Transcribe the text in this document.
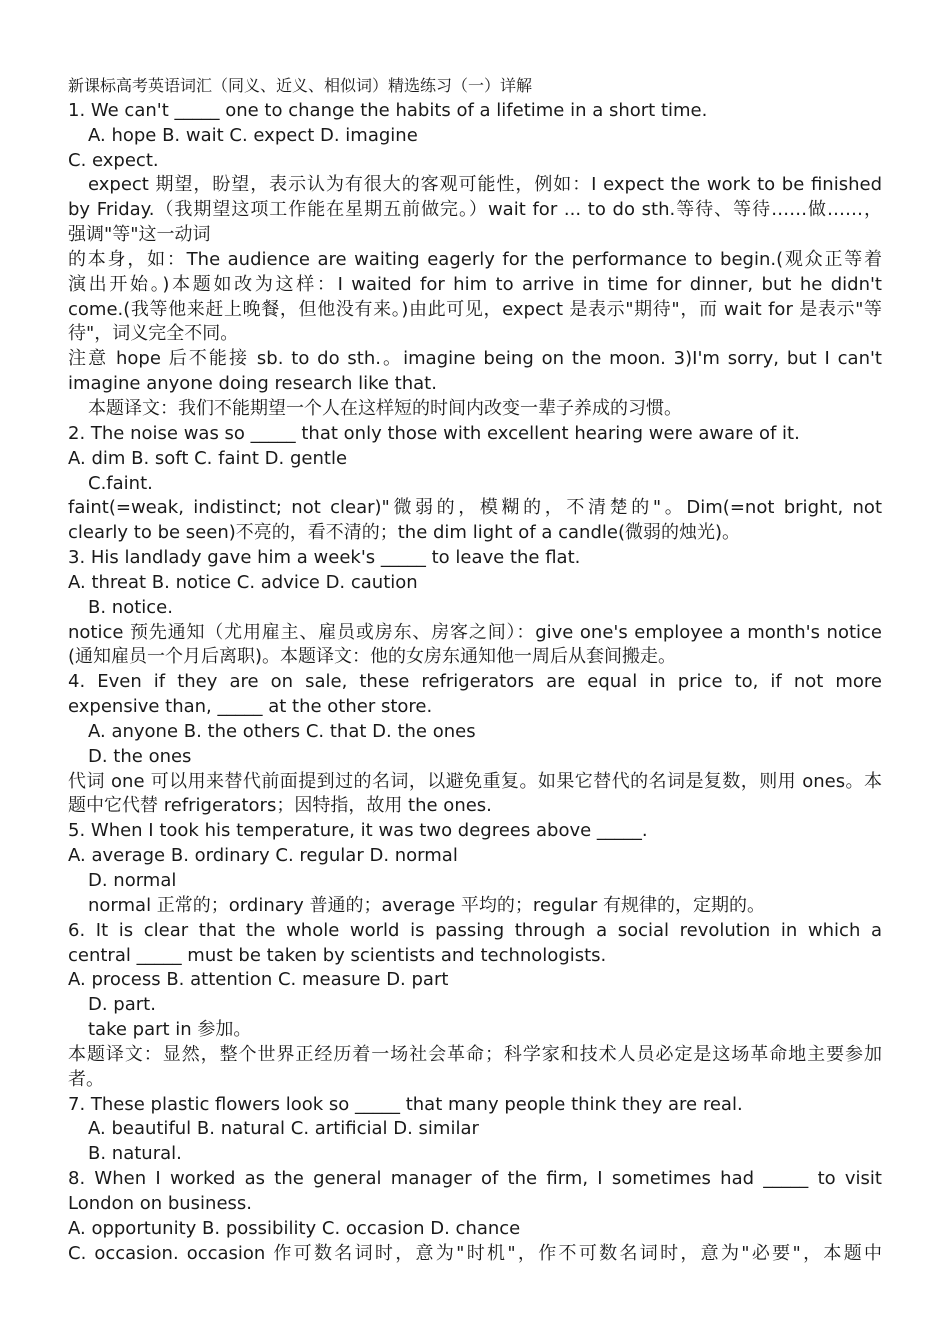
新课标高考英语词汇（同义、近义、相似词）精选练习（一）详解
1. We can't _____ one to change the habits of a lifetime in a short time.
A. hope B. wait C. expect D. imagine
C. expect.
expect 期望，盼望，表示认为有很大的客观可能性，例如：I expect the work to be finished
by Friday.（我期望这项工作能在星期五前做完。）wait for ... to do sth.等待、等待……做……，
强调"等"这一动词
的本身，如：The audience are waiting eagerly for the performance to begin.(观众正等着
演出开始。)本题如改为这样：I waited for him to arrive in time for dinner, but he didn't
come.(我等他来赶上晚餐，但他没有来。)由此可见，expect 是表示"期待"，而 wait for 是表示"等
待"，词义完全不同。
注意 hope 后不能接 sb. to do sth.。imagine being on the moon. 3)I'm sorry, but I can't
imagine anyone doing research like that.
本题译文：我们不能期望一个人在这样短的时间内改变一辈子养成的习惯。
2. The noise was so _____ that only those with excellent hearing were aware of it.
A. dim B. soft C. faint D. gentle
C.faint.
faint(=weak, indistinct; not clear)"微弱的，模糊的，不清楚的"。Dim(=not bright, not
clearly to be seen)不亮的，看不清的；the dim light of a candle(微弱的烛光)。
3. His landlady gave him a week's _____ to leave the flat.
A. threat B. notice C. advice D. caution
B. notice.
notice 预先通知（尤用雇主、雇员或房东、房客之间）：give one's employee a month's notice
(通知雇员一个月后离职)。本题译文：他的女房东通知他一周后从套间搬走。
4. Even if they are on sale, these refrigerators are equal in price to, if not more
expensive than, _____ at the other store.
A. anyone B. the others C. that D. the ones
D. the ones
代词 one 可以用来替代前面提到过的名词，以避免重复。如果它替代的名词是复数，则用 ones。本
题中它代替 refrigerators；因特指，故用 the ones.
5. When I took his temperature, it was two degrees above _____.
A. average B. ordinary C. regular D. normal
D. normal
normal 正常的；ordinary 普通的；average 平均的；regular 有规律的，定期的。
6. It is clear that the whole world is passing through a social revolution in which a
central _____ must be taken by scientists and technologists.
A. process B. attention C. measure D. part
D. part.
take part in 参加。
本题译文：显然，整个世界正经历着一场社会革命；科学家和技术人员必定是这场革命地主要参加
者。
7. These plastic flowers look so _____ that many people think they are real.
A. beautiful B. natural C. artificial D. similar
B. natural.
8. When I worked as the general manager of the firm, I sometimes had _____ to visit
London on business.
A. opportunity B. possibility C. occasion D. chance
C. occasion. occasion 作可数名词时，意为"时机"，作不可数名词时，意为"必要"，本题中
